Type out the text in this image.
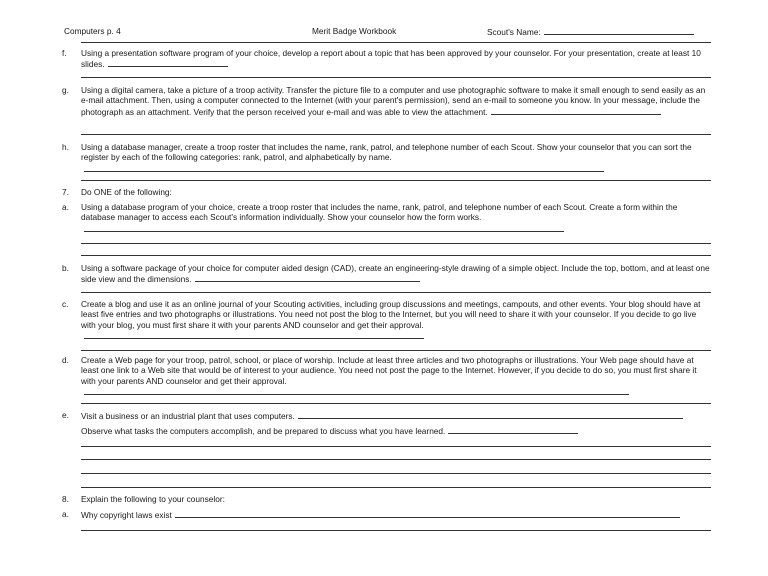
Computers p. 4	Merit Badge Workbook	Scout's Name:
f.	Using a presentation software program of your choice, develop a report about a topic that has been approved by your counselor. For your presentation, create at least 10 slides.
g.	Using a digital camera, take a picture of a troop activity. Transfer the picture file to a computer and use photographic software to make it small enough to send easily as an e-mail attachment. Then, using a computer connected to the Internet (with your parent's permission), send an e-mail to someone you know. In your message, include the photograph as an attachment. Verify that the person received your e-mail and was able to view the attachment.
h.	Using a database manager, create a troop roster that includes the name, rank, patrol, and telephone number of each Scout. Show your counselor that you can sort the register by each of the following categories: rank, patrol, and alphabetically by name.
7.	Do ONE of the following:
a.	Using a database program of your choice, create a troop roster that includes the name, rank, patrol, and telephone number of each Scout. Create a form within the database manager to access each Scout's information individually. Show your counselor how the form works.
b.	Using a software package of your choice for computer aided design (CAD), create an engineering-style drawing of a simple object. Include the top, bottom, and at least one side view and the dimensions.
c.	Create a blog and use it as an online journal of your Scouting activities, including group discussions and meetings, campouts, and other events. Your blog should have at least five entries and two photographs or illustrations. You need not post the blog to the Internet, but you will need to share it with your counselor. If you decide to go live with your blog, you must first share it with your parents AND counselor and get their approval.
d.	Create a Web page for your troop, patrol, school, or place of worship. Include at least three articles and two photographs or illustrations. Your Web page should have at least one link to a Web site that would be of interest to your audience. You need not post the page to the Internet. However, if you decide to do so, you must first share it with your parents AND counselor and get their approval.
e.	Visit a business or an industrial plant that uses computers.
Observe what tasks the computers accomplish, and be prepared to discuss what you have learned.
8.	Explain the following to your counselor:
a.	Why copyright laws exist
